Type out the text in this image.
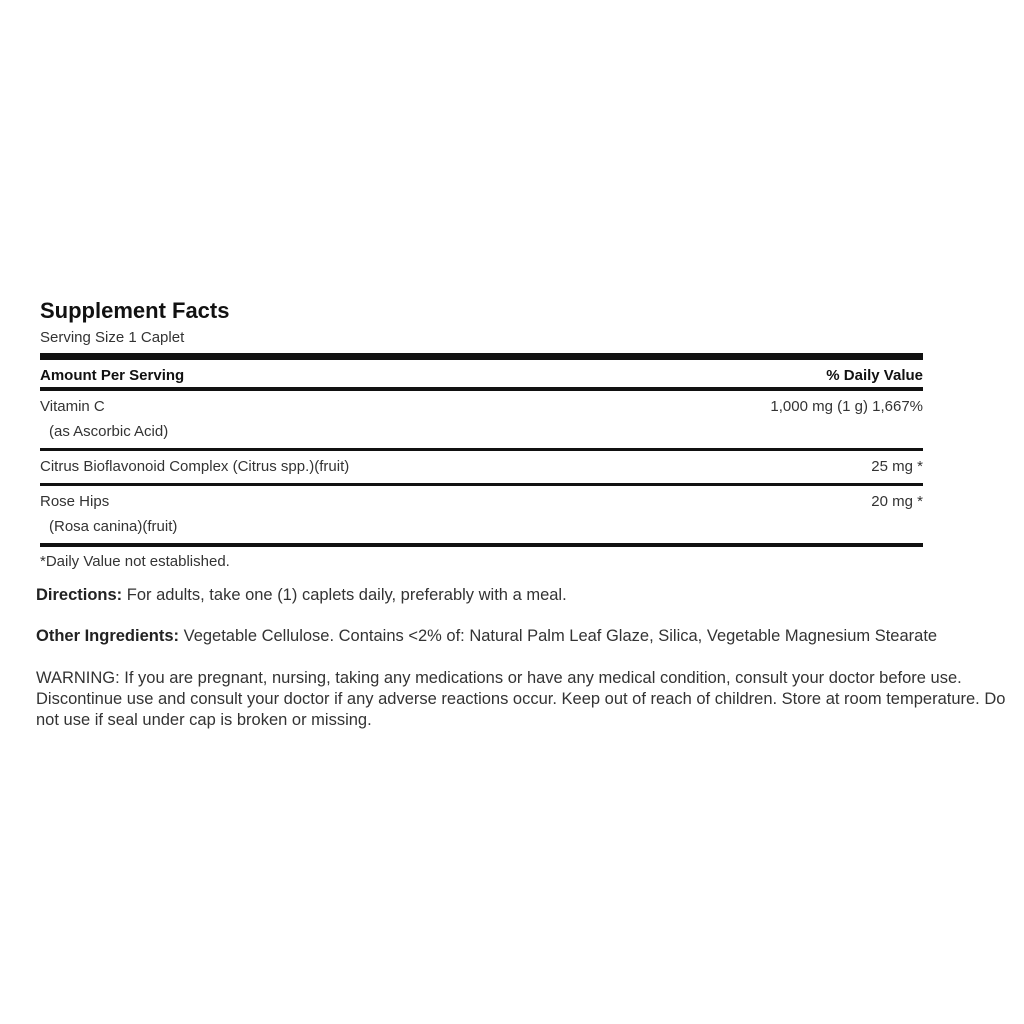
Supplement Facts
Serving Size 1 Caplet
Amount Per Serving	% Daily Value
Vitamin C	1,000 mg (1 g) 1,667%
(as Ascorbic Acid)
Citrus Bioflavonoid Complex (Citrus spp.)(fruit)	25 mg *
Rose Hips	20 mg *
(Rosa canina)(fruit)
*Daily Value not established.
Directions: For adults, take one (1) caplets daily, preferably with a meal.
Other Ingredients: Vegetable Cellulose. Contains <2% of: Natural Palm Leaf Glaze, Silica, Vegetable Magnesium Stearate
WARNING: If you are pregnant, nursing, taking any medications or have any medical condition, consult your doctor before use. Discontinue use and consult your doctor if any adverse reactions occur. Keep out of reach of children. Store at room temperature. Do not use if seal under cap is broken or missing.
